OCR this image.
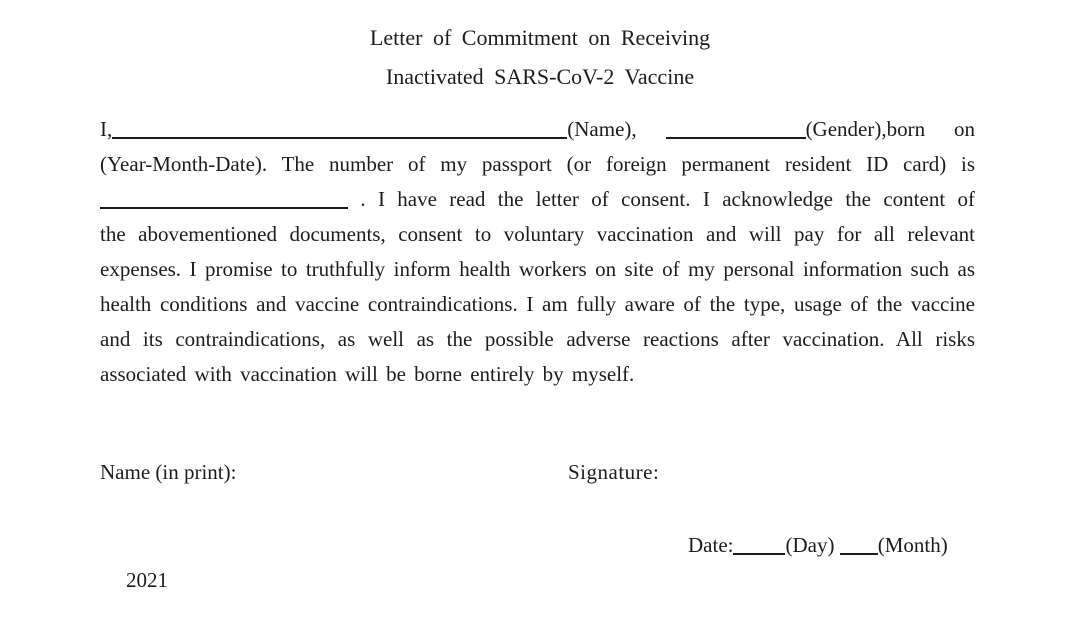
Letter of Commitment on Receiving
Inactivated SARS-CoV-2 Vaccine
I,	(Name),	(Gender),born on
(Year-Month-Date). The number of my passport (or foreign permanent resident ID card) is
. I have read the letter of consent. I acknowledge the content of
the abovementioned documents, consent to voluntary vaccination and will pay for all relevant
expenses. I promise to truthfully inform health workers on site of my personal information such as
health conditions and vaccine contraindications. I am fully aware of the type, usage of the vaccine
and its contraindications, as well as the possible adverse reactions after vaccination. All risks
associated with vaccination will be borne entirely by myself.
Name (in print):	Signature:
Date: (Day) (Month)
2021
